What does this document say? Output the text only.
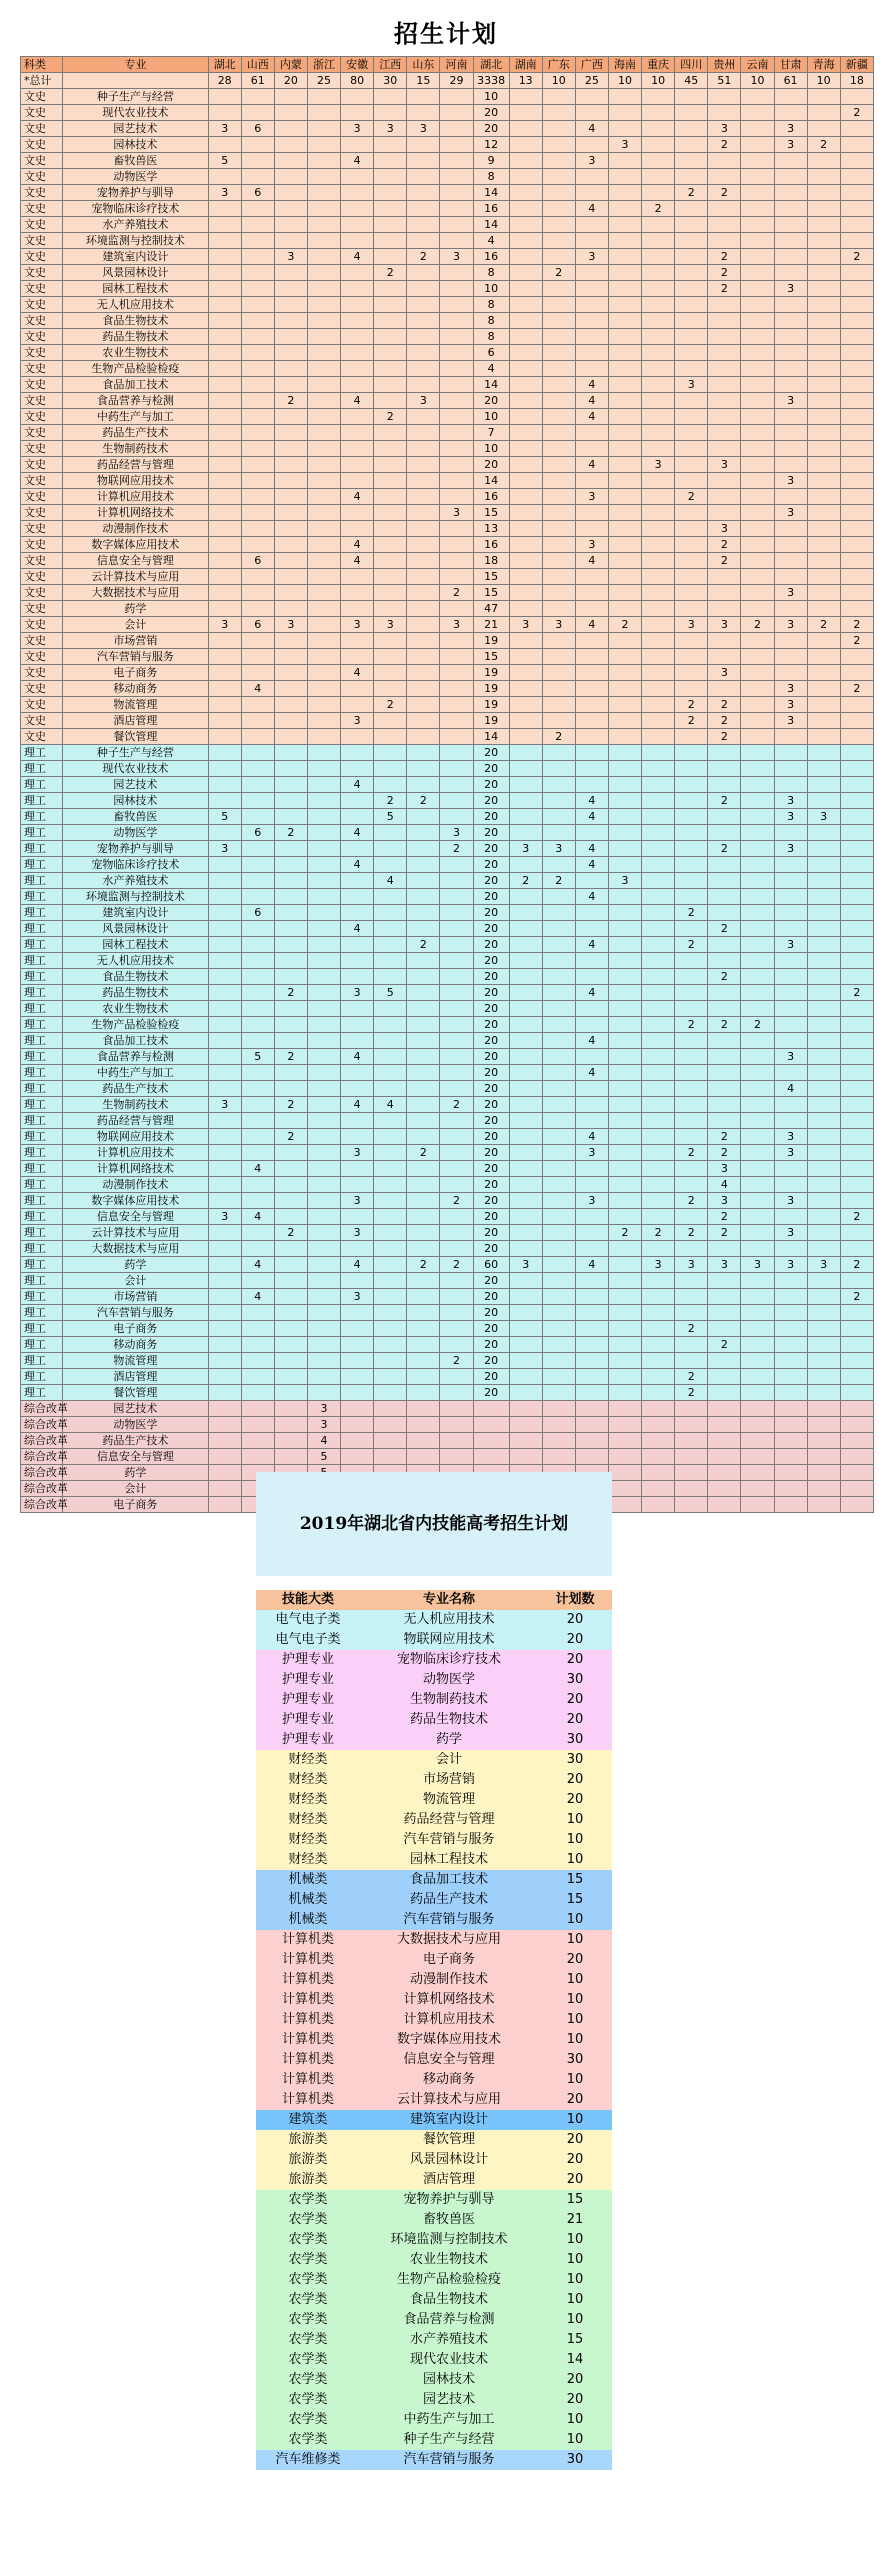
招生计划
科类	专业	湖北	山西	内蒙	浙江	安徽	江西	山东	河南	湖北	湖南	广东	广西	海南	重庆	四川	贵州	云南	甘肃	青海	新疆
*总计		28	61	20	25	80	30	15	29	3338	13	10	25	10	10	45	51	10	61	10	18
文史	种子生产与经营									10											
文史	现代农业技术									20											2
文史	园艺技术	3	6			3	3	3		20			4				3		3		
文史	园林技术									12				3			2		3	2	
文史	畜牧兽医	5				4				9			3								
文史	动物医学									8											
文史	宠物养护与驯导	3	6							14						2	2				
文史	宠物临床诊疗技术									16			4		2						
文史	水产养殖技术									14											
文史	环境监测与控制技术									4											
文史	建筑室内设计			3		4		2	3	16			3				2				2
文史	风景园林设计						2			8		2					2				
文史	园林工程技术									10							2		3		
文史	无人机应用技术									8											
文史	食品生物技术									8											
文史	药品生物技术									8											
文史	农业生物技术									6											
文史	生物产品检验检疫									4											
文史	食品加工技术									14			4			3					
文史	食品营养与检测			2		4		3		20			4						3		
文史	中药生产与加工						2			10			4								
文史	药品生产技术									7											
文史	生物制药技术									10											
文史	药品经营与管理									20			4		3		3				
文史	物联网应用技术									14									3		
文史	计算机应用技术					4				16			3			2					
文史	计算机网络技术								3	15									3		
文史	动漫制作技术									13							3				
文史	数字媒体应用技术					4				16			3				2				
文史	信息安全与管理		6			4				18			4				2				
文史	云计算技术与应用									15											
文史	大数据技术与应用								2	15									3		
文史	药学									47											
文史	会计	3	6	3		3	3		3	21	3	3	4	2		3	3	2	3	2	2
文史	市场营销									19											2
文史	汽车营销与服务									15											
文史	电子商务					4				19							3				
文史	移动商务		4							19									3		2
文史	物流管理						2			19						2	2		3		
文史	酒店管理					3				19						2	2		3		
文史	餐饮管理									14		2					2				
理工	种子生产与经营									20											
理工	现代农业技术									20											
理工	园艺技术					4				20											
理工	园林技术						2	2		20			4				2		3		
理工	畜牧兽医	5					5			20			4						3	3	
理工	动物医学		6	2		4			3	20											
理工	宠物养护与驯导	3							2	20	3	3	4				2		3		
理工	宠物临床诊疗技术					4				20			4								
理工	水产养殖技术						4			20	2	2		3							
理工	环境监测与控制技术									20			4								
理工	建筑室内设计		6							20						2					
理工	风景园林设计					4				20							2				
理工	园林工程技术							2		20			4			2			3		
理工	无人机应用技术									20											
理工	食品生物技术									20							2				
理工	药品生物技术			2		3	5			20			4								2
理工	农业生物技术									20											
理工	生物产品检验检疫									20						2	2	2			
理工	食品加工技术									20			4								
理工	食品营养与检测		5	2		4				20									3		
理工	中药生产与加工									20			4								
理工	药品生产技术									20									4		
理工	生物制药技术	3		2		4	4		2	20											
理工	药品经营与管理									20											
理工	物联网应用技术			2						20			4				2		3		
理工	计算机应用技术					3		2		20			3			2	2		3		
理工	计算机网络技术		4							20							3				
理工	动漫制作技术									20							4				
理工	数字媒体应用技术					3			2	20			3			2	3		3		
理工	信息安全与管理	3	4							20							2				2
理工	云计算技术与应用			2		3				20				2	2	2	2		3		
理工	大数据技术与应用									20											
理工	药学		4			4		2	2	60	3		4		3	3	3	3	3	3	2
理工	会计									20											
理工	市场营销		4			3				20											2
理工	汽车营销与服务									20											
理工	电子商务									20						2					
理工	移动商务									20							2				
理工	物流管理								2	20											
理工	酒店管理									20						2					
理工	餐饮管理									20						2					
综合改革	园艺技术				3																
综合改革	动物医学				3																
综合改革	药品生产技术				4																
综合改革	信息安全与管理				5																
综合改革	药学																				
综合改革	会计																				
综合改革	电子商务																				
2019年湖北省内技能高考招生计划
技能大类	专业名称	计划数
电气电子类	无人机应用技术	20
电气电子类	物联网应用技术	20
护理专业	宠物临床诊疗技术	20
护理专业	动物医学	30
护理专业	生物制药技术	20
护理专业	药品生物技术	20
护理专业	药学	30
财经类	会计	30
财经类	市场营销	20
财经类	物流管理	20
财经类	药品经营与管理	10
财经类	汽车营销与服务	10
财经类	园林工程技术	10
机械类	食品加工技术	15
机械类	药品生产技术	15
机械类	汽车营销与服务	10
计算机类	大数据技术与应用	10
计算机类	电子商务	20
计算机类	动漫制作技术	10
计算机类	计算机网络技术	10
计算机类	计算机应用技术	10
计算机类	数字媒体应用技术	10
计算机类	信息安全与管理	30
计算机类	移动商务	10
计算机类	云计算技术与应用	20
建筑类	建筑室内设计	10
旅游类	餐饮管理	20
旅游类	风景园林设计	20
旅游类	酒店管理	20
农学类	宠物养护与驯导	15
农学类	畜牧兽医	21
农学类	环境监测与控制技术	10
农学类	农业生物技术	10
农学类	生物产品检验检疫	10
农学类	食品生物技术	10
农学类	食品营养与检测	10
农学类	水产养殖技术	15
农学类	现代农业技术	14
农学类	园林技术	20
农学类	园艺技术	20
农学类	中药生产与加工	10
农学类	种子生产与经营	10
汽车维修类	汽车营销与服务	30
